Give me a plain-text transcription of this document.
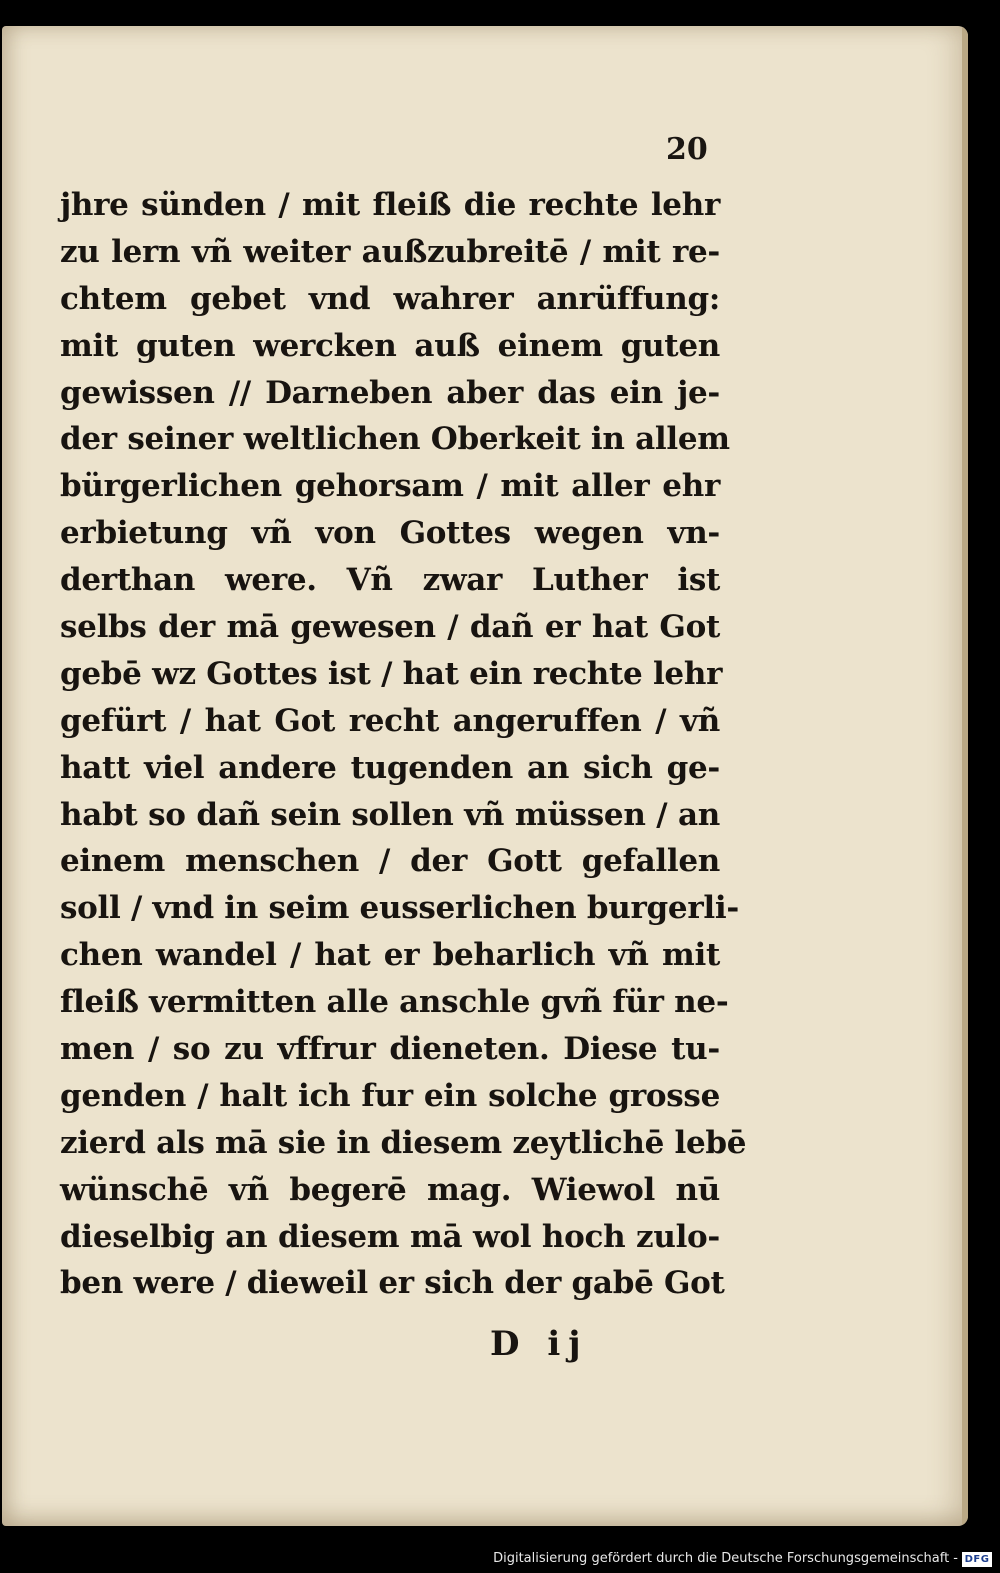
20
jhre sünden / mit fleiß die rechte lehr
zu lern vñ weiter außzubreitē / mit re-
chtem gebet vnd wahrer anrüffung:
mit guten wercken auß einem guten
gewissen // Darneben aber das ein je-
der seiner weltlichen Oberkeit in allem
bürgerlichen gehorsam / mit aller ehr
erbietung vñ von Gottes wegen vn-
derthan were. Vñ zwar Luther ist
selbs der mā gewesen / dañ er hat Got
gebē wz Gottes ist / hat ein rechte lehr
gefürt / hat Got recht angeruffen / vñ
hatt viel andere tugenden an sich ge-
habt so dañ sein sollen vñ müssen / an
einem menschen / der Gott gefallen
soll / vnd in seim eusserlichen burgerli-
chen wandel / hat er beharlich vñ mit
fleiß vermitten alle anschle gvñ für ne-
men / so zu vffrur dieneten. Diese tu-
genden / halt ich fur ein solche grosse
zierd als mā sie in diesem zeytlichē lebē
wünschē vñ begerē mag. Wiewol nū
dieselbig an diesem mā wol hoch zulo-
ben were / dieweil er sich der gabē Got
D ij
Digitalisierung gefördert durch die Deutsche Forschungsgemeinschaft - DFG
